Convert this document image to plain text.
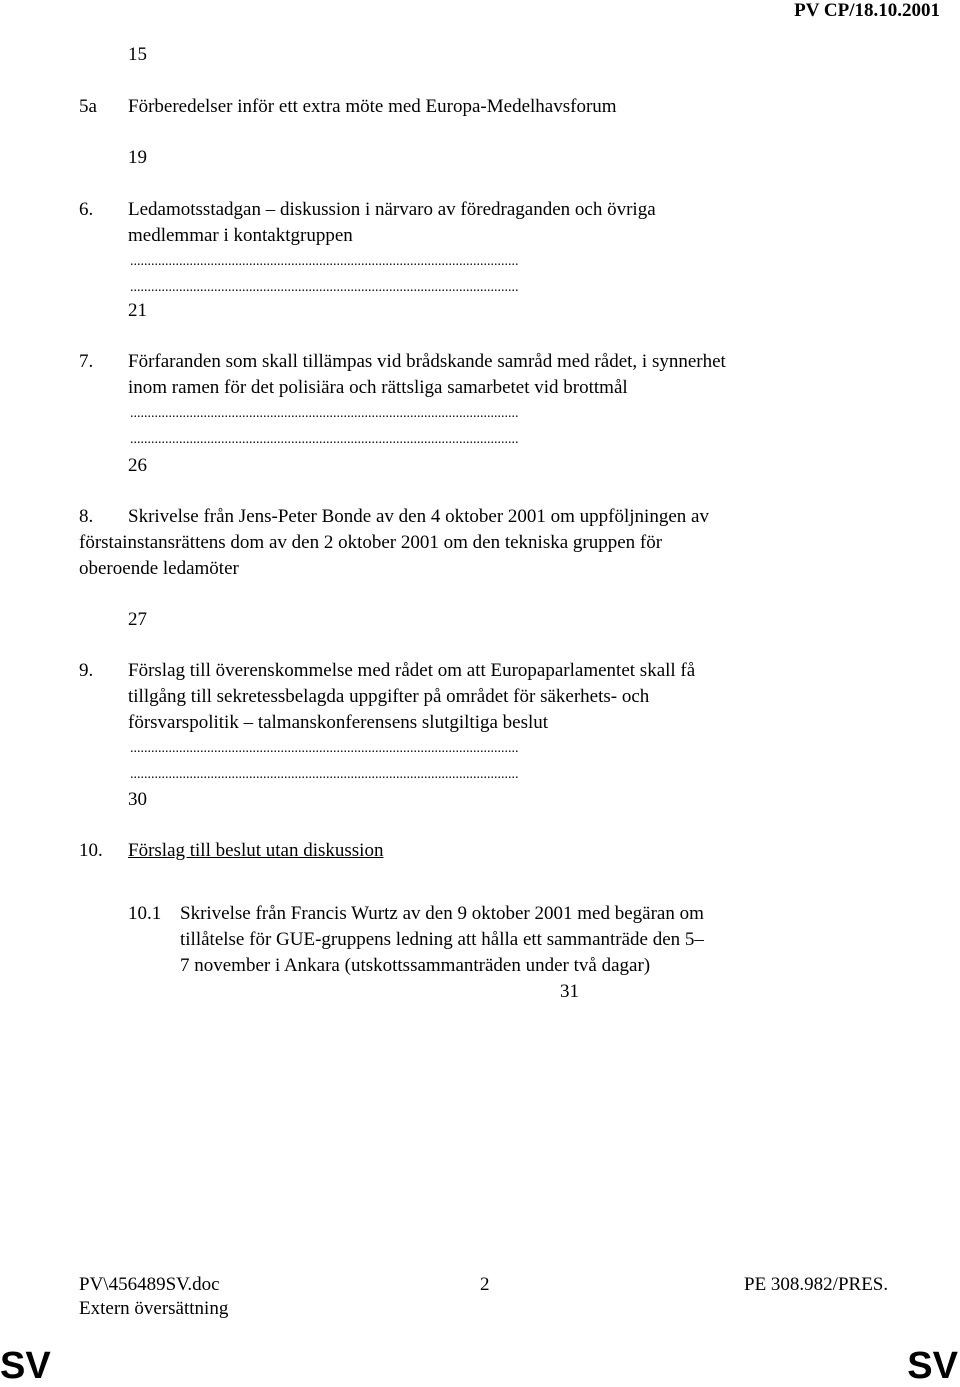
PV CP/18.10.2001
15
5a Förberedelser inför ett extra möte med Europa-Medelhavsforum
19
6. Ledamotsstadgan – diskussion i närvaro av föredraganden och övriga
medlemmar i kontaktgruppen
...............................................................................................................
...............................................................................................................
21
7. Förfaranden som skall tillämpas vid brådskande samråd med rådet, i synnerhet
inom ramen för det polisiära och rättsliga samarbetet vid brottmål
...............................................................................................................
...............................................................................................................
26
8. Skrivelse från Jens-Peter Bonde av den 4 oktober 2001 om uppföljningen av
förstainstansrättens dom av den 2 oktober 2001 om den tekniska gruppen för
oberoende ledamöter
27
9. Förslag till överenskommelse med rådet om att Europaparlamentet skall få
tillgång till sekretessbelagda uppgifter på området för säkerhets- och
försvarspolitik – talmanskonferensens slutgiltiga beslut
...............................................................................................................
...............................................................................................................
30
10. Förslag till beslut utan diskussion
10.1 Skrivelse från Francis Wurtz av den 9 oktober 2001 med begäran om
tillåtelse för GUE-gruppens ledning att hålla ett sammanträde den 5–
7 november i Ankara (utskottssammanträden under två dagar)
31
PV\456489SV.doc	2	PE 308.982/PRES.
Extern översättning
SV	SV
